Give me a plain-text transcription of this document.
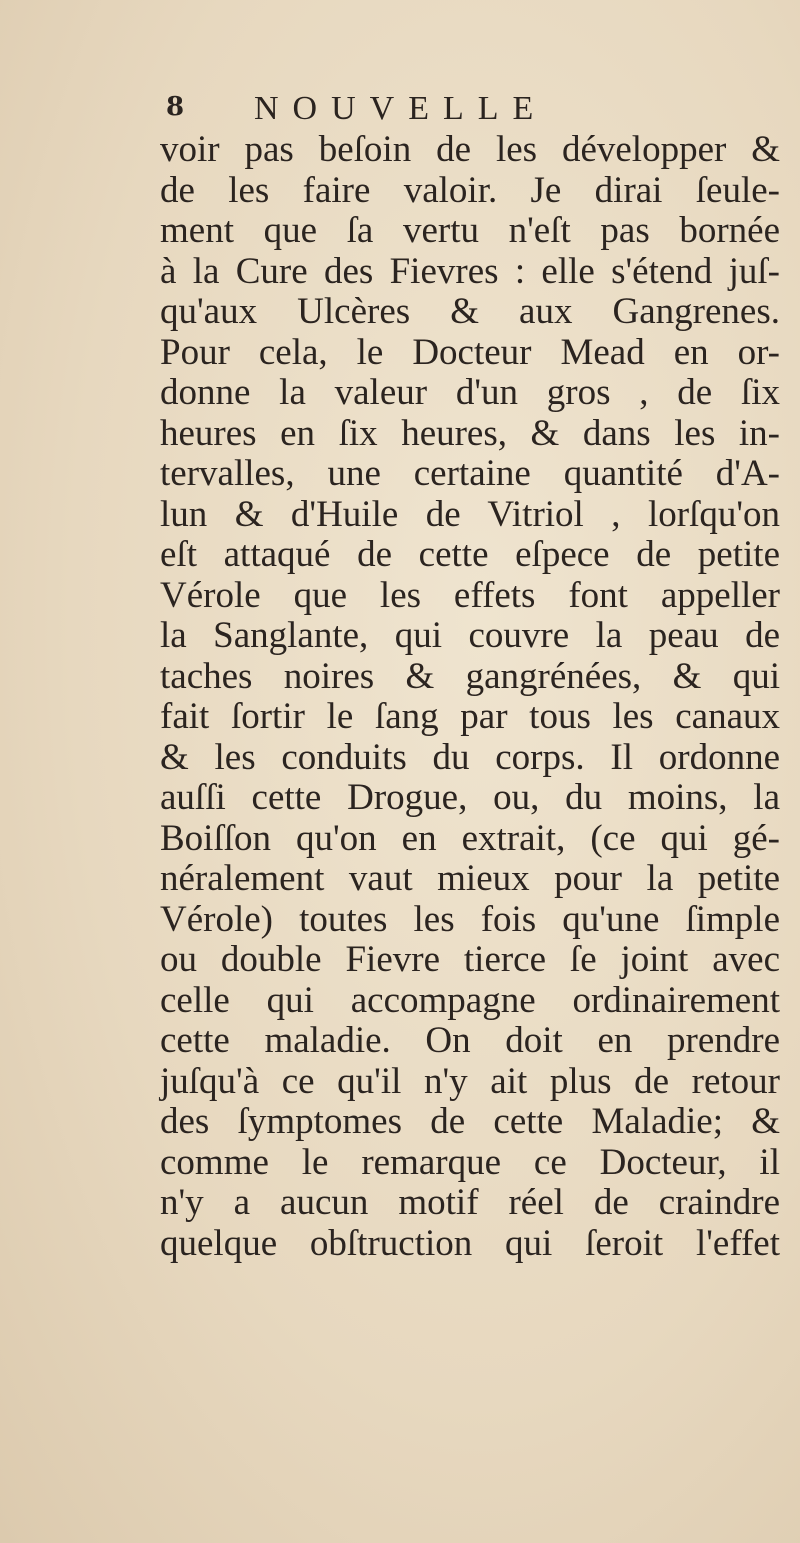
8 NOUVELLE
voir pas beſoin de les développer &
de les faire valoir. Je dirai ſeule-
ment que ſa vertu n'eſt pas bornée
à la Cure des Fievres : elle s'étend juſ-
qu'aux Ulcères & aux Gangrenes.
Pour cela, le Docteur Mead en or-
donne la valeur d'un gros , de ſix
heures en ſix heures, & dans les in-
tervalles, une certaine quantité d'A-
lun & d'Huile de Vitriol , lorſqu'on
eſt attaqué de cette eſpece de petite
Vérole que les effets font appeller
la Sanglante, qui couvre la peau de
taches noires & gangrénées, & qui
fait ſortir le ſang par tous les canaux
& les conduits du corps. Il ordonne
auſſi cette Drogue, ou, du moins, la
Boiſſon qu'on en extrait, (ce qui gé-
néralement vaut mieux pour la petite
Vérole) toutes les fois qu'une ſimple
ou double Fievre tierce ſe joint avec
celle qui accompagne ordinairement
cette maladie. On doit en prendre
juſqu'à ce qu'il n'y ait plus de retour
des ſymptomes de cette Maladie; &
comme le remarque ce Docteur, il
n'y a aucun motif réel de craindre
quelque obſtruction qui ſeroit l'effet
